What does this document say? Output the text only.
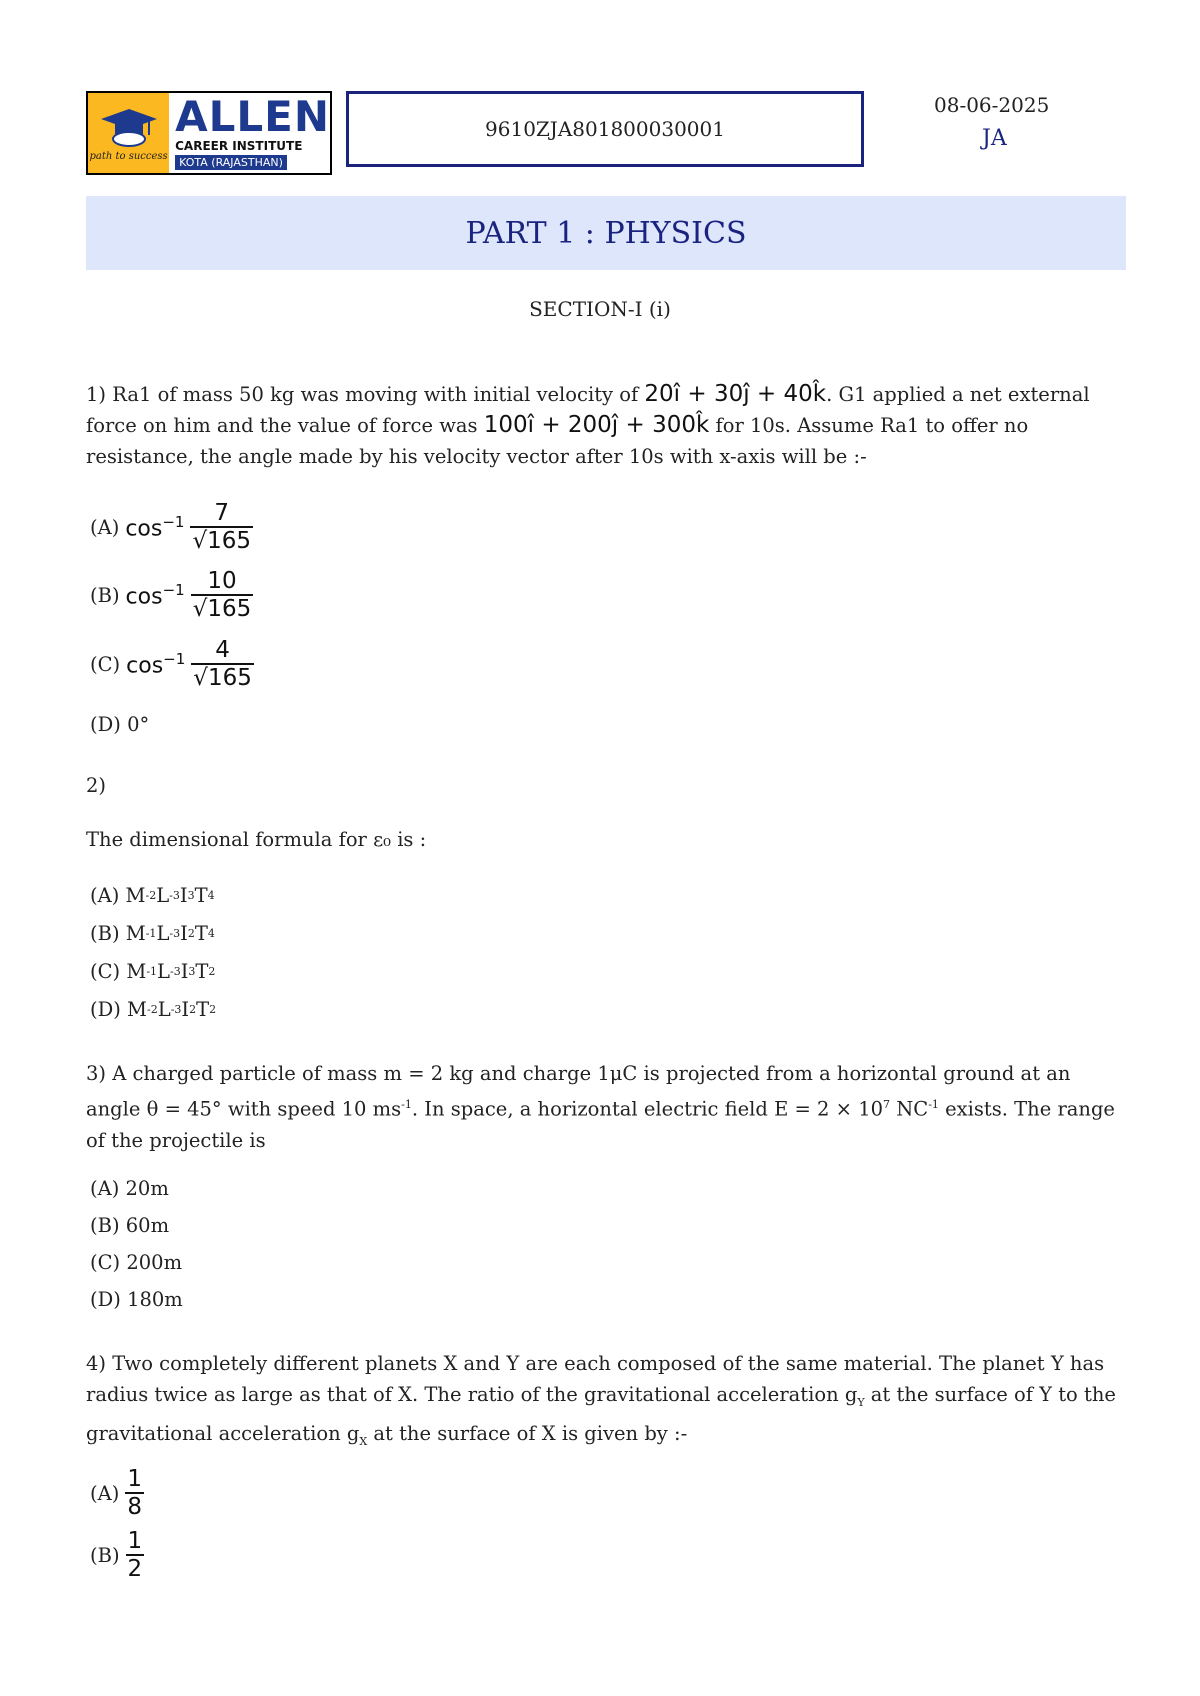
path to success
ALLEN
CAREER INSTITUTE
KOTA (RAJASTHAN)
9610ZJA801800030001
08-06-2025
JA
PART 1 : PHYSICS
SECTION-I (i)
1) Ra1 of mass 50 kg was moving with initial velocity of 20î + 30ĵ + 40k̂. G1 applied a net external force on him and the value of force was 100î + 200ĵ + 300k̂ for 10s. Assume Ra1 to offer no resistance, the angle made by his velocity vector after 10s with x-axis will be :-
(A) $\cos^{-1} \frac{7}{√165}$
(B) $\cos^{-1} \frac{10}{√165}$
(C) $\cos^{-1} \frac{4}{√165}$
(D)
0°
2)
The dimensional formula for ε₀ is :
(A) M -2 L -3 I 3 T 4
(B) M -1 L -3 I 2 T 4
(C) M -1 L -3 I 3 T 2
(D) M -2 L -3 I 2 T 2
3) A charged particle of mass m = 2 kg and charge 1μC is projected from a horizontal ground at an angle θ = 45° with speed 10 $ms^{-1}$. In space, a horizontal electric field $E = 2 \times 10^7$ $NC^{-1}$ exists. The range of the projectile is
(A)
20m
(B)
60m
(C)
200m
(D)
180m
4) Two completely different planets X and Y are each composed of the same material. The planet Y has radius twice as large as that of X. The ratio of the gravitational acceleration $g_Y$ at the surface of Y to the gravitational acceleration $g_X$ at the surface of X is given by :-
$(A) \frac{1}{8}$
$(B) \frac{1}{2}$
